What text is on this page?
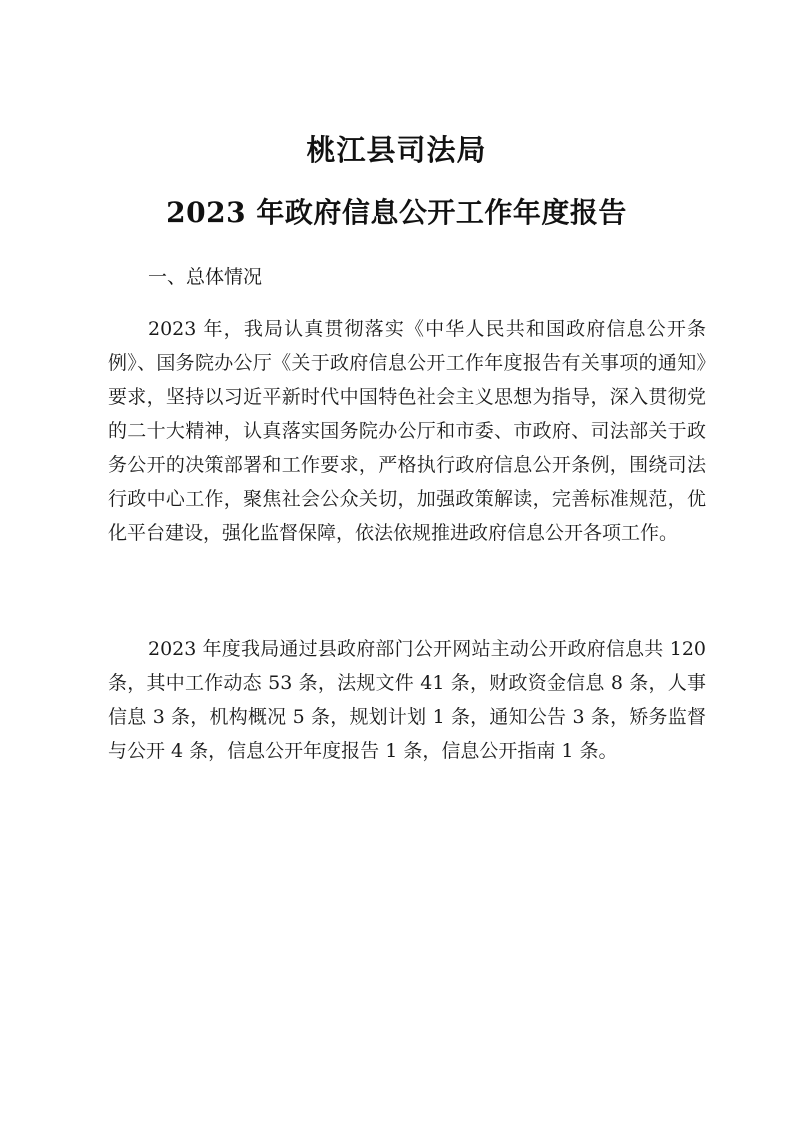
桃江县司法局
2023 年政府信息公开工作年度报告
一、总体情况
2023 年，我局认真贯彻落实《中华人民共和国政府信息公开条例》、国务院办公厅《关于政府信息公开工作年度报告有关事项的通知》要求，坚持以习近平新时代中国特色社会主义思想为指导，深入贯彻党的二十大精神，认真落实国务院办公厅和市委、市政府、司法部关于政务公开的决策部署和工作要求，严格执行政府信息公开条例，围绕司法行政中心工作，聚焦社会公众关切，加强政策解读，完善标准规范，优化平台建设，强化监督保障，依法依规推进政府信息公开各项工作。
2023 年度我局通过县政府部门公开网站主动公开政府信息共 120 条，其中工作动态 53 条，法规文件 41 条，财政资金信息 8 条，人事信息 3 条，机构概况 5 条，规划计划 1 条，通知公告 3 条，矫务监督与公开 4 条，信息公开年度报告 1 条，信息公开指南 1 条。
